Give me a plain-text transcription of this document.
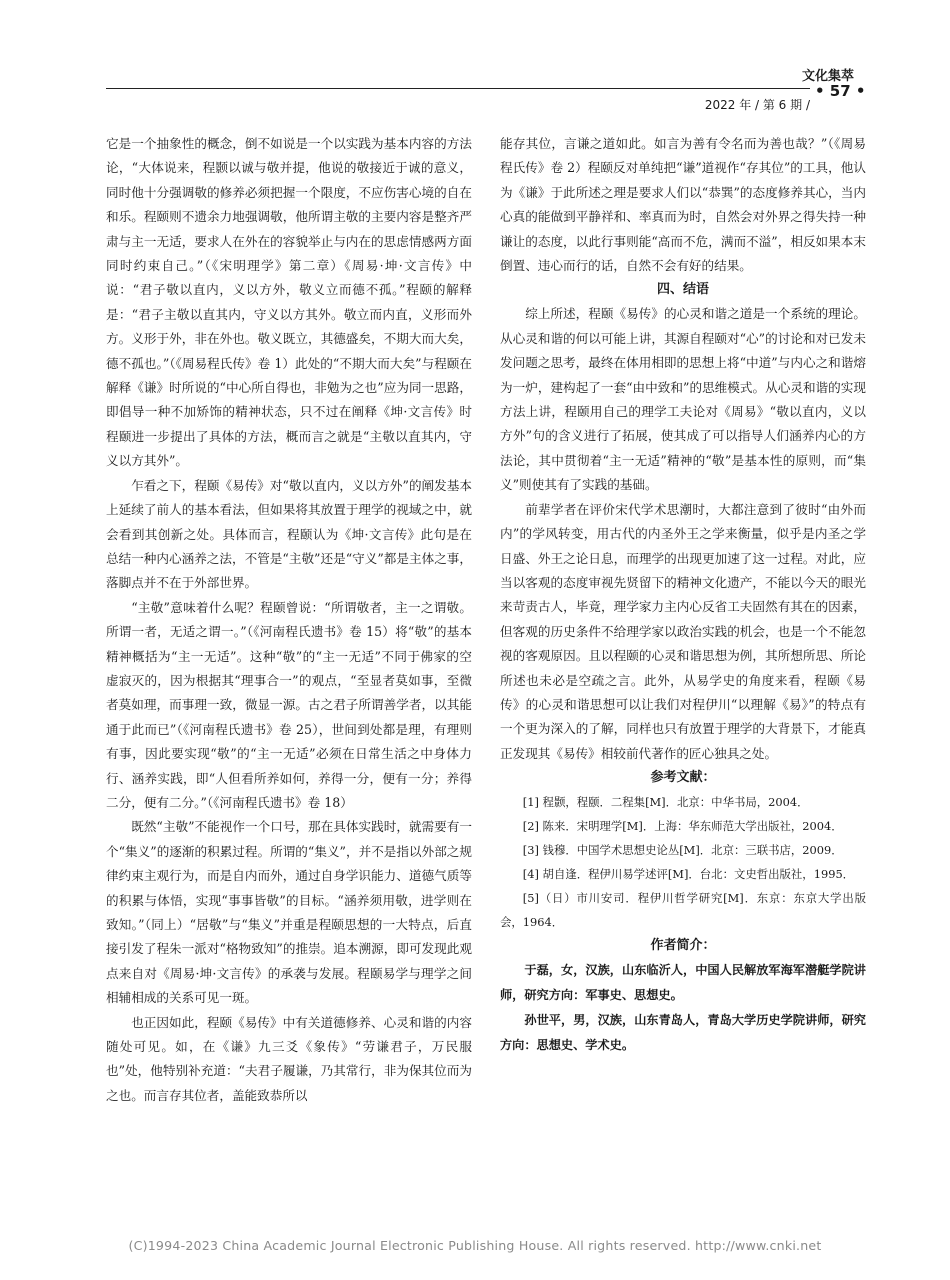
文化集萃
• 57 •
2022 年 / 第 6 期 /

它是一个抽象性的概念，倒不如说是一个以实践为基本内容的方法论，“大体说来，程颢以诚与敬并提，他说的敬接近于诚的意义，同时他十分强调敬的修养必须把握一个限度，不应伤害心境的自在和乐。程颐则不遗余力地强调敬，他所谓主敬的主要内容是整齐严肃与主一无适，要求人在外在的容貌举止与内在的思虑情感两方面同时约束自己。”（《宋明理学》第二章）《周易·坤·文言传》中说：“君子敬以直内，义以方外，敬义立而德不孤。”程颐的解释是：“君子主敬以直其内，守义以方其外。敬立而内直，义形而外方。义形于外，非在外也。敬义既立，其德盛矣，不期大而大矣，德不孤也。”（《周易程氏传》卷 1）此处的“不期大而大矣”与程颐在解释《谦》时所说的“中心所自得也，非勉为之也”应为同一思路，即倡导一种不加矫饰的精神状态，只不过在阐释《坤·文言传》时程颐进一步提出了具体的方法，概而言之就是“主敬以直其内，守义以方其外”。

乍看之下，程颐《易传》对“敬以直内，义以方外”的阐发基本上延续了前人的基本看法，但如果将其放置于理学的视域之中，就会看到其创新之处。具体而言，程颐认为《坤·文言传》此句是在总结一种内心涵养之法，不管是“主敬”还是“守义”都是主体之事，落脚点并不在于外部世界。

“主敬”意味着什么呢？程颐曾说：“所谓敬者，主一之谓敬。所谓一者，无适之谓一。”（《河南程氏遗书》卷 15）将“敬”的基本精神概括为“主一无适”。这种“敬”的“主一无适”不同于佛家的空虚寂灭的，因为根据其“理事合一”的观点，“至显者莫如事，至微者莫如理，而事理一致，微显一源。古之君子所谓善学者，以其能通于此而已”（《河南程氏遗书》卷 25），世间到处都是理，有理则有事，因此要实现“敬”的“主一无适”必须在日常生活之中身体力行、涵养实践，即“人但看所养如何，养得一分，便有一分；养得二分，便有二分。”（《河南程氏遗书》卷 18）

既然“主敬”不能视作一个口号，那在具体实践时，就需要有一个“集义”的逐渐的积累过程。所谓的“集义”，并不是指以外部之规律约束主观行为，而是自内而外，通过自身学识能力、道德气质等的积累与体悟，实现“事事皆敬”的目标。“涵养须用敬，进学则在致知。”（同上）“居敬”与“集义”并重是程颐思想的一大特点，后直接引发了程朱一派对“格物致知”的推崇。追本溯源，即可发现此观点来自对《周易·坤·文言传》的承袭与发展。程颐易学与理学之间相辅相成的关系可见一斑。

也正因如此，程颐《易传》中有关道德修养、心灵和谐的内容随处可见。如，在《谦》九三爻《象传》“劳谦君子，万民服也”处，他特别补充道：“夫君子履谦，乃其常行，非为保其位而为之也。而言存其位者，盖能致恭所以

能存其位，言谦之道如此。如言为善有令名而为善也哉？”（《周易程氏传》卷 2）程颐反对单纯把“谦”道视作“存其位”的工具，他认为《谦》于此所述之理是要求人们以“恭巽”的态度修养其心，当内心真的能做到平静祥和、率真而为时，自然会对外界之得失持一种谦让的态度，以此行事则能“高而不危，满而不溢”，相反如果本末倒置、违心而行的话，自然不会有好的结果。

四、结语

综上所述，程颐《易传》的心灵和谐之道是一个系统的理论。从心灵和谐的何以可能上讲，其源自程颐对“心”的讨论和对已发未发问题之思考，最终在体用相即的思想上将“中道”与内心之和谐熔为一炉，建构起了一套“由中致和”的思维模式。从心灵和谐的实现方法上讲，程颐用自己的理学工夫论对《周易》“敬以直内，义以方外”句的含义进行了拓展，使其成了可以指导人们涵养内心的方法论，其中贯彻着“主一无适”精神的“敬”是基本性的原则，而“集义”则使其有了实践的基础。

前辈学者在评价宋代学术思潮时，大都注意到了彼时“由外而内”的学风转变，用古代的内圣外王之学来衡量，似乎是内圣之学日盛、外王之论日息，而理学的出现更加速了这一过程。对此，应当以客观的态度审视先贤留下的精神文化遗产，不能以今天的眼光来苛责古人，毕竟，理学家力主内心反省工夫固然有其在的因素，但客观的历史条件不给理学家以政治实践的机会，也是一个不能忽视的客观原因。且以程颐的心灵和谐思想为例，其所想所思、所论所述也未必是空疏之言。此外，从易学史的角度来看，程颐《易传》的心灵和谐思想可以让我们对程伊川“以理解《易》”的特点有一个更为深入的了解，同样也只有放置于理学的大背景下，才能真正发现其《易传》相较前代著作的匠心独具之处。

参考文献：
[1] 程颢，程颐．二程集[M]．北京：中华书局，2004．
[2] 陈来．宋明理学[M]．上海：华东师范大学出版社，2004．
[3] 钱穆．中国学术思想史论丛[M]．北京：三联书店，2009．
[4] 胡自逢．程伊川易学述评[M]．台北：文史哲出版社，1995．
[5]（日）市川安司．程伊川哲学研究[M]．东京：东京大学出版会，1964．
作者简介：

于磊，女，汉族，山东临沂人，中国人民解放军海军潜艇学院讲师，研究方向：军事史、思想史。

孙世平，男，汉族，山东青岛人，青岛大学历史学院讲师，研究方向：思想史、学术史。

(C)1994-2023 China Academic Journal Electronic Publishing House. All rights reserved. http://www.cnki.net
